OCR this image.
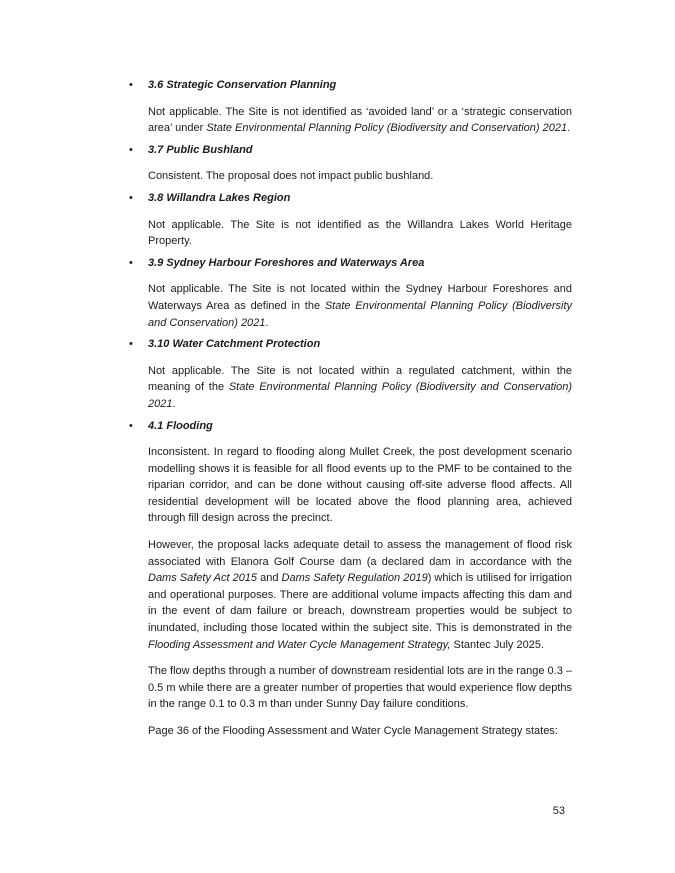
• 3.6 Strategic Conservation Planning

Not applicable. The Site is not identified as ‘avoided land’ or a ‘strategic conservation area’ under State Environmental Planning Policy (Biodiversity and Conservation) 2021.

• 3.7 Public Bushland

Consistent. The proposal does not impact public bushland.

• 3.8 Willandra Lakes Region

Not applicable. The Site is not identified as the Willandra Lakes World Heritage Property.

• 3.9 Sydney Harbour Foreshores and Waterways Area

Not applicable. The Site is not located within the Sydney Harbour Foreshores and Waterways Area as defined in the State Environmental Planning Policy (Biodiversity and Conservation) 2021.

• 3.10 Water Catchment Protection

Not applicable. The Site is not located within a regulated catchment, within the meaning of the State Environmental Planning Policy (Biodiversity and Conservation) 2021.

• 4.1 Flooding

Inconsistent. In regard to flooding along Mullet Creek, the post development scenario modelling shows it is feasible for all flood events up to the PMF to be contained to the riparian corridor, and can be done without causing off-site adverse flood affects. All residential development will be located above the flood planning area, achieved through fill design across the precinct.

However, the proposal lacks adequate detail to assess the management of flood risk associated with Elanora Golf Course dam (a declared dam in accordance with the Dams Safety Act 2015 and Dams Safety Regulation 2019) which is utilised for irrigation and operational purposes. There are additional volume impacts affecting this dam and in the event of dam failure or breach, downstream properties would be subject to inundated, including those located within the subject site. This is demonstrated in the Flooding Assessment and Water Cycle Management Strategy, Stantec July 2025.

The flow depths through a number of downstream residential lots are in the range 0.3 – 0.5 m while there are a greater number of properties that would experience flow depths in the range 0.1 to 0.3 m than under Sunny Day failure conditions.

Page 36 of the Flooding Assessment and Water Cycle Management Strategy states:

53
